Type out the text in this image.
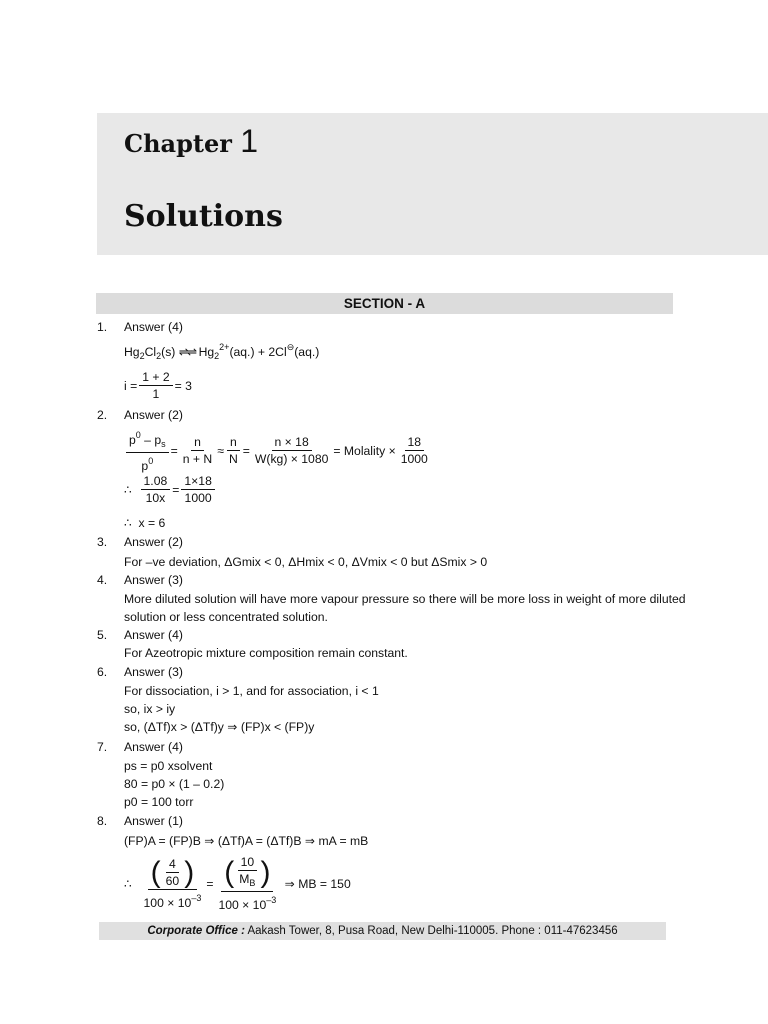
Chapter 1
Solutions
SECTION - A
1. Answer (4)
$Hg_2Cl_2(s)$ ⇌⇌ $Hg_2^{2+}(aq.) + 2Cl^⊖(aq.)$
$i = \frac{1 + 2}{1} = 3$
2. Answer (2)
$\frac{p^0 - p_s}{p^0} = \frac{n}{n + N} \approx \frac{n}{N} = \frac{n \times 18}{W(kg) \times 1080}$ = Molality × $\frac{18}{1000}$
∴ $\frac{1.08}{10x} = \frac{1\times 18}{1000}$
∴  x = 6
3. Answer (2)
For –ve deviation, ΔGmix < 0, ΔHmix < 0, ΔVmix < 0 but ΔSmix > 0
4. Answer (3)
More diluted solution will have more vapour pressure so there will be more loss in weight of more diluted
solution or less concentrated solution.
5. Answer (4)
For Azeotropic mixture composition remain constant.
6. Answer (3)
For dissociation, i > 1, and for association, i < 1
so, ix > iy
so, (ΔTf)x > (ΔTf)y ⇒ (FP)x < (FP)y
7. Answer (4)
ps = p0 xsolvent
80 = p0 × (1 – 0.2)
p0 = 100 torr
8. Answer (1)
(FP)A = (FP)B ⇒ (ΔTf)A = (ΔTf)B ⇒ mA = mB
∴ $\frac{( \frac{4}{60} )}{100 \times 10^{-3}} = \frac{( \frac{10}{M_B} )}{100 \times 10^{-3}}$
⇒ MB = 150
Corporate Office : Aakash Tower, 8, Pusa Road, New Delhi-110005. Phone : 011-47623456
